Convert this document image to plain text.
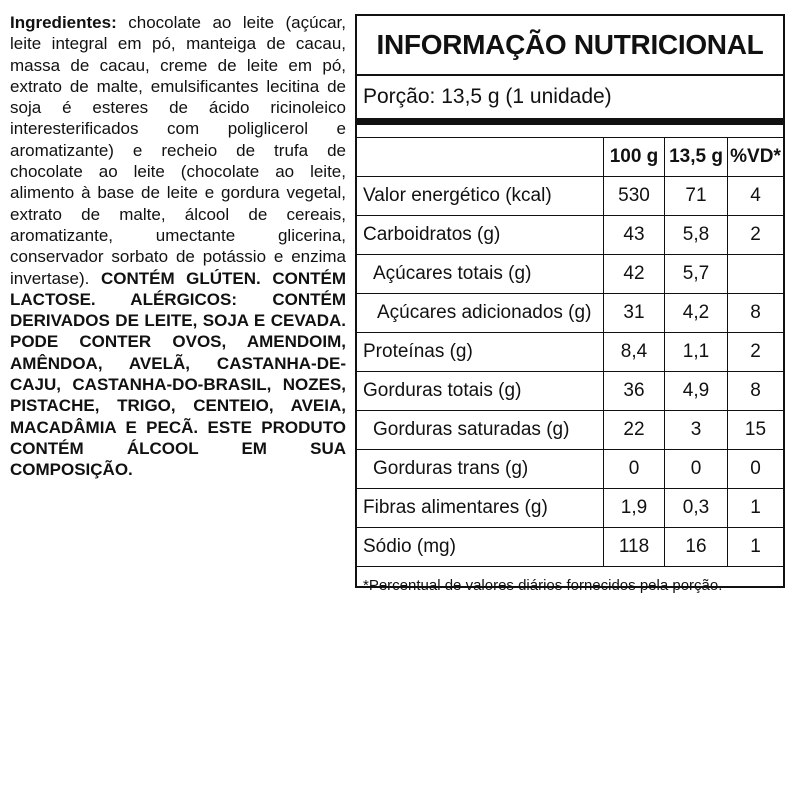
Ingredientes: chocolate ao leite (açúcar, leite integral em pó, manteiga de cacau, massa de cacau, creme de leite em pó, extrato de malte, emulsificantes lecitina de soja é esteres de ácido ricinoleico interesterificados com poliglicerol e aromatizante) e recheio de trufa de chocolate ao leite (chocolate ao leite, alimento à base de leite e gordura vegetal, extrato de malte, álcool de cereais, aromatizante, umectante glicerina, conservador sorbato de potássio e enzima invertase). CONTÉM GLÚTEN. CONTÉM LACTOSE. ALÉRGICOS: CONTÉM DERIVADOS DE LEITE, SOJA E CEVADA. PODE CONTER OVOS, AMENDOIM, AMÊNDOA, AVELÃ, CASTANHA-DE-CAJU, CASTANHA-DO-BRASIL, NOZES, PISTACHE, TRIGO, CENTEIO, AVEIA, MACADÂMIA E PECÃ. ESTE PRODUTO CONTÉM ÁLCOOL EM SUA COMPOSIÇÃO.
INFORMAÇÃO NUTRICIONAL
Porção: 13,5 g (1 unidade)
	100 g	13,5 g	%VD*
Valor energético (kcal)	530	71	4
Carboidratos (g)	43	5,8	2
Açúcares totais (g)	42	5,7	
Açúcares adicionados (g)	31	4,2	8
Proteínas (g)	8,4	1,1	2
Gorduras totais (g)	36	4,9	8
Gorduras saturadas (g)	22	3	15
Gorduras trans (g)	0	0	0
Fibras alimentares (g)	1,9	0,3	1
Sódio (mg)	118	16	1
*Percentual de valores diários fornecidos pela porção.
